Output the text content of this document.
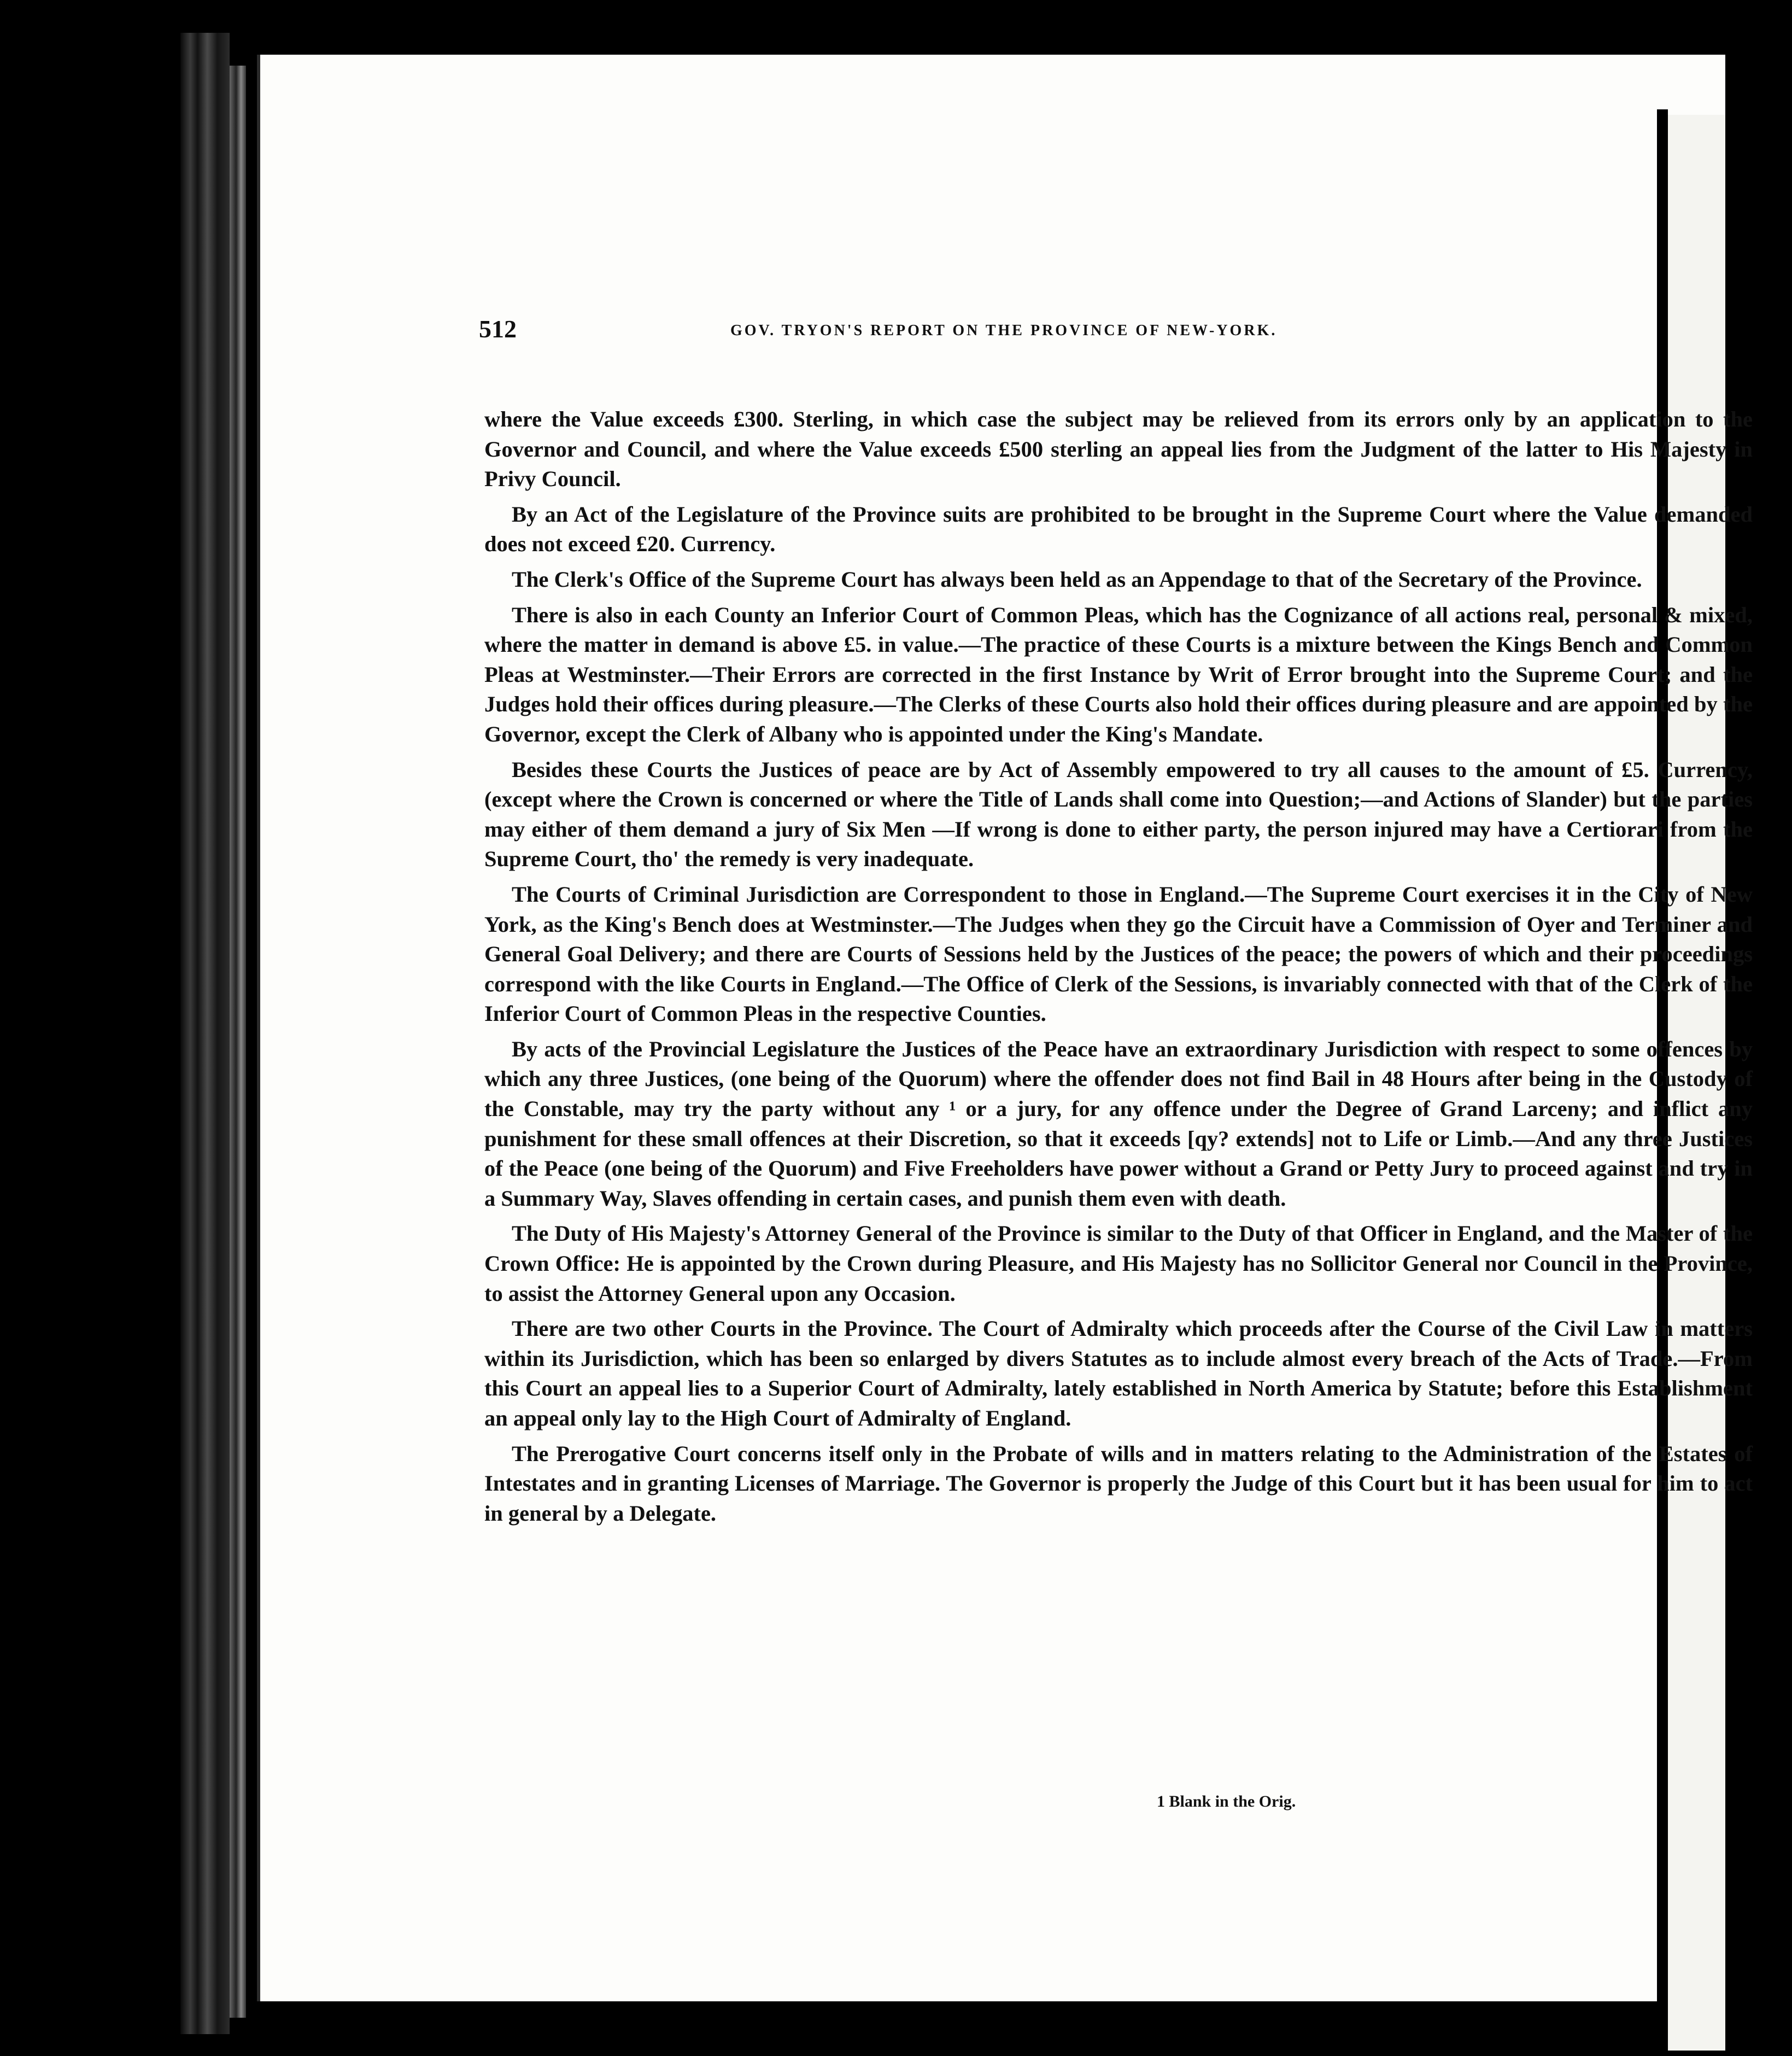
512	GOV. TRYON'S REPORT ON THE PROVINCE OF NEW-YORK.

where the Value exceeds £300. Sterling, in which case the subject may be relieved from its errors only by an application to the Governor and Council, and where the Value exceeds £500 sterling an appeal lies from the Judgment of the latter to His Majesty in Privy Council.

By an Act of the Legislature of the Province suits are prohibited to be brought in the Supreme Court where the Value demanded does not exceed £20. Currency.

The Clerk's Office of the Supreme Court has always been held as an Appendage to that of the Secretary of the Province.

There is also in each County an Inferior Court of Common Pleas, which has the Cognizance of all actions real, personal & mixed, where the matter in demand is above £5. in value.—The practice of these Courts is a mixture between the Kings Bench and Common Pleas at Westminster.—Their Errors are corrected in the first Instance by Writ of Error brought into the Supreme Court; and the Judges hold their offices during pleasure.—The Clerks of these Courts also hold their offices during pleasure and are appointed by the Governor, except the Clerk of Albany who is appointed under the King's Mandate.

Besides these Courts the Justices of peace are by Act of Assembly empowered to try all causes to the amount of £5. Currency, (except where the Crown is concerned or where the Title of Lands shall come into Question;—and Actions of Slander) but the parties may either of them demand a jury of Six Men —If wrong is done to either party, the person injured may have a Certiorari from the Supreme Court, tho' the remedy is very inadequate.

The Courts of Criminal Jurisdiction are Correspondent to those in England.—The Supreme Court exercises it in the City of New York, as the King's Bench does at Westminster.—The Judges when they go the Circuit have a Commission of Oyer and Terminer and General Goal Delivery; and there are Courts of Sessions held by the Justices of the peace; the powers of which and their proceedings correspond with the like Courts in England.—The Office of Clerk of the Sessions, is invariably connected with that of the Clerk of the Inferior Court of Common Pleas in the respective Counties.

By acts of the Provincial Legislature the Justices of the Peace have an extraordinary Jurisdiction with respect to some offences by which any three Justices, (one being of the Quorum) where the offender does not find Bail in 48 Hours after being in the Custody of the Constable, may try the party without any ¹ or a jury, for any offence under the Degree of Grand Larceny; and inflict any punishment for these small offences at their Discretion, so that it exceeds [qy? extends] not to Life or Limb.—And any three Justices of the Peace (one being of the Quorum) and Five Freeholders have power without a Grand or Petty Jury to proceed against and try in a Summary Way, Slaves offending in certain cases, and punish them even with death.

The Duty of His Majesty's Attorney General of the Province is similar to the Duty of that Officer in England, and the Master of the Crown Office: He is appointed by the Crown during Pleasure, and His Majesty has no Sollicitor General nor Council in the Province, to assist the Attorney General upon any Occasion.

There are two other Courts in the Province. The Court of Admiralty which proceeds after the Course of the Civil Law in matters within its Jurisdiction, which has been so enlarged by divers Statutes as to include almost every breach of the Acts of Trade.—From this Court an appeal lies to a Superior Court of Admiralty, lately established in North America by Statute; before this Establishment an appeal only lay to the High Court of Admiralty of England.

The Prerogative Court concerns itself only in the Probate of wills and in matters relating to the Administration of the Estates of Intestates and in granting Licenses of Marriage. The Governor is properly the Judge of this Court but it has been usual for him to act in general by a Delegate.

1 Blank in the Orig.
